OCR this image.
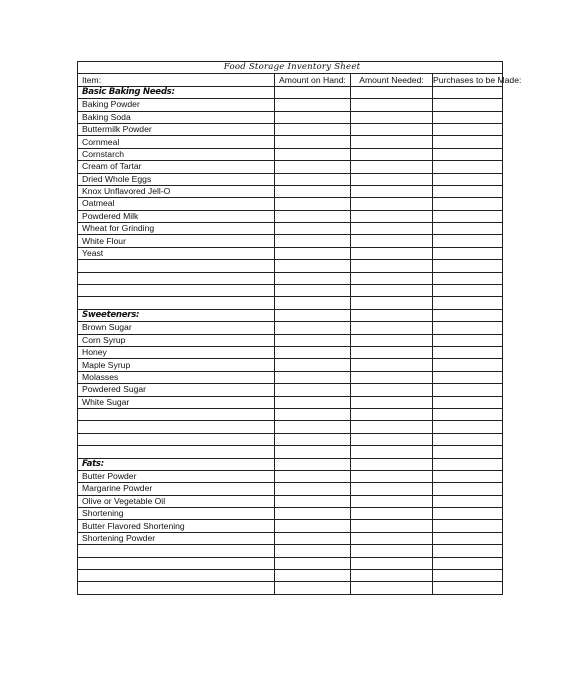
Food Storage Inventory Sheet			
Item:	Amount on Hand:	Amount Needed:	Purchases to be Made:
Basic Baking Needs:			
Baking Powder			
Baking Soda			
Buttermilk Powder			
Cornmeal			
Cornstarch			
Cream of Tartar			
Dried Whole Eggs			
Knox Unflavored Jell-O			
Oatmeal			
Powdered Milk			
Wheat for Grinding			
White Flour			
Yeast			

Sweeteners:			
Brown Sugar			
Corn Syrup			
Honey			
Maple Syrup			
Molasses			
Powdered Sugar			
White Sugar			

Fats:			
Butter Powder			
Margarine Powder			
Olive or Vegetable Oil			
Shortening			
Butter Flavored Shortening			
Shortening Powder			
